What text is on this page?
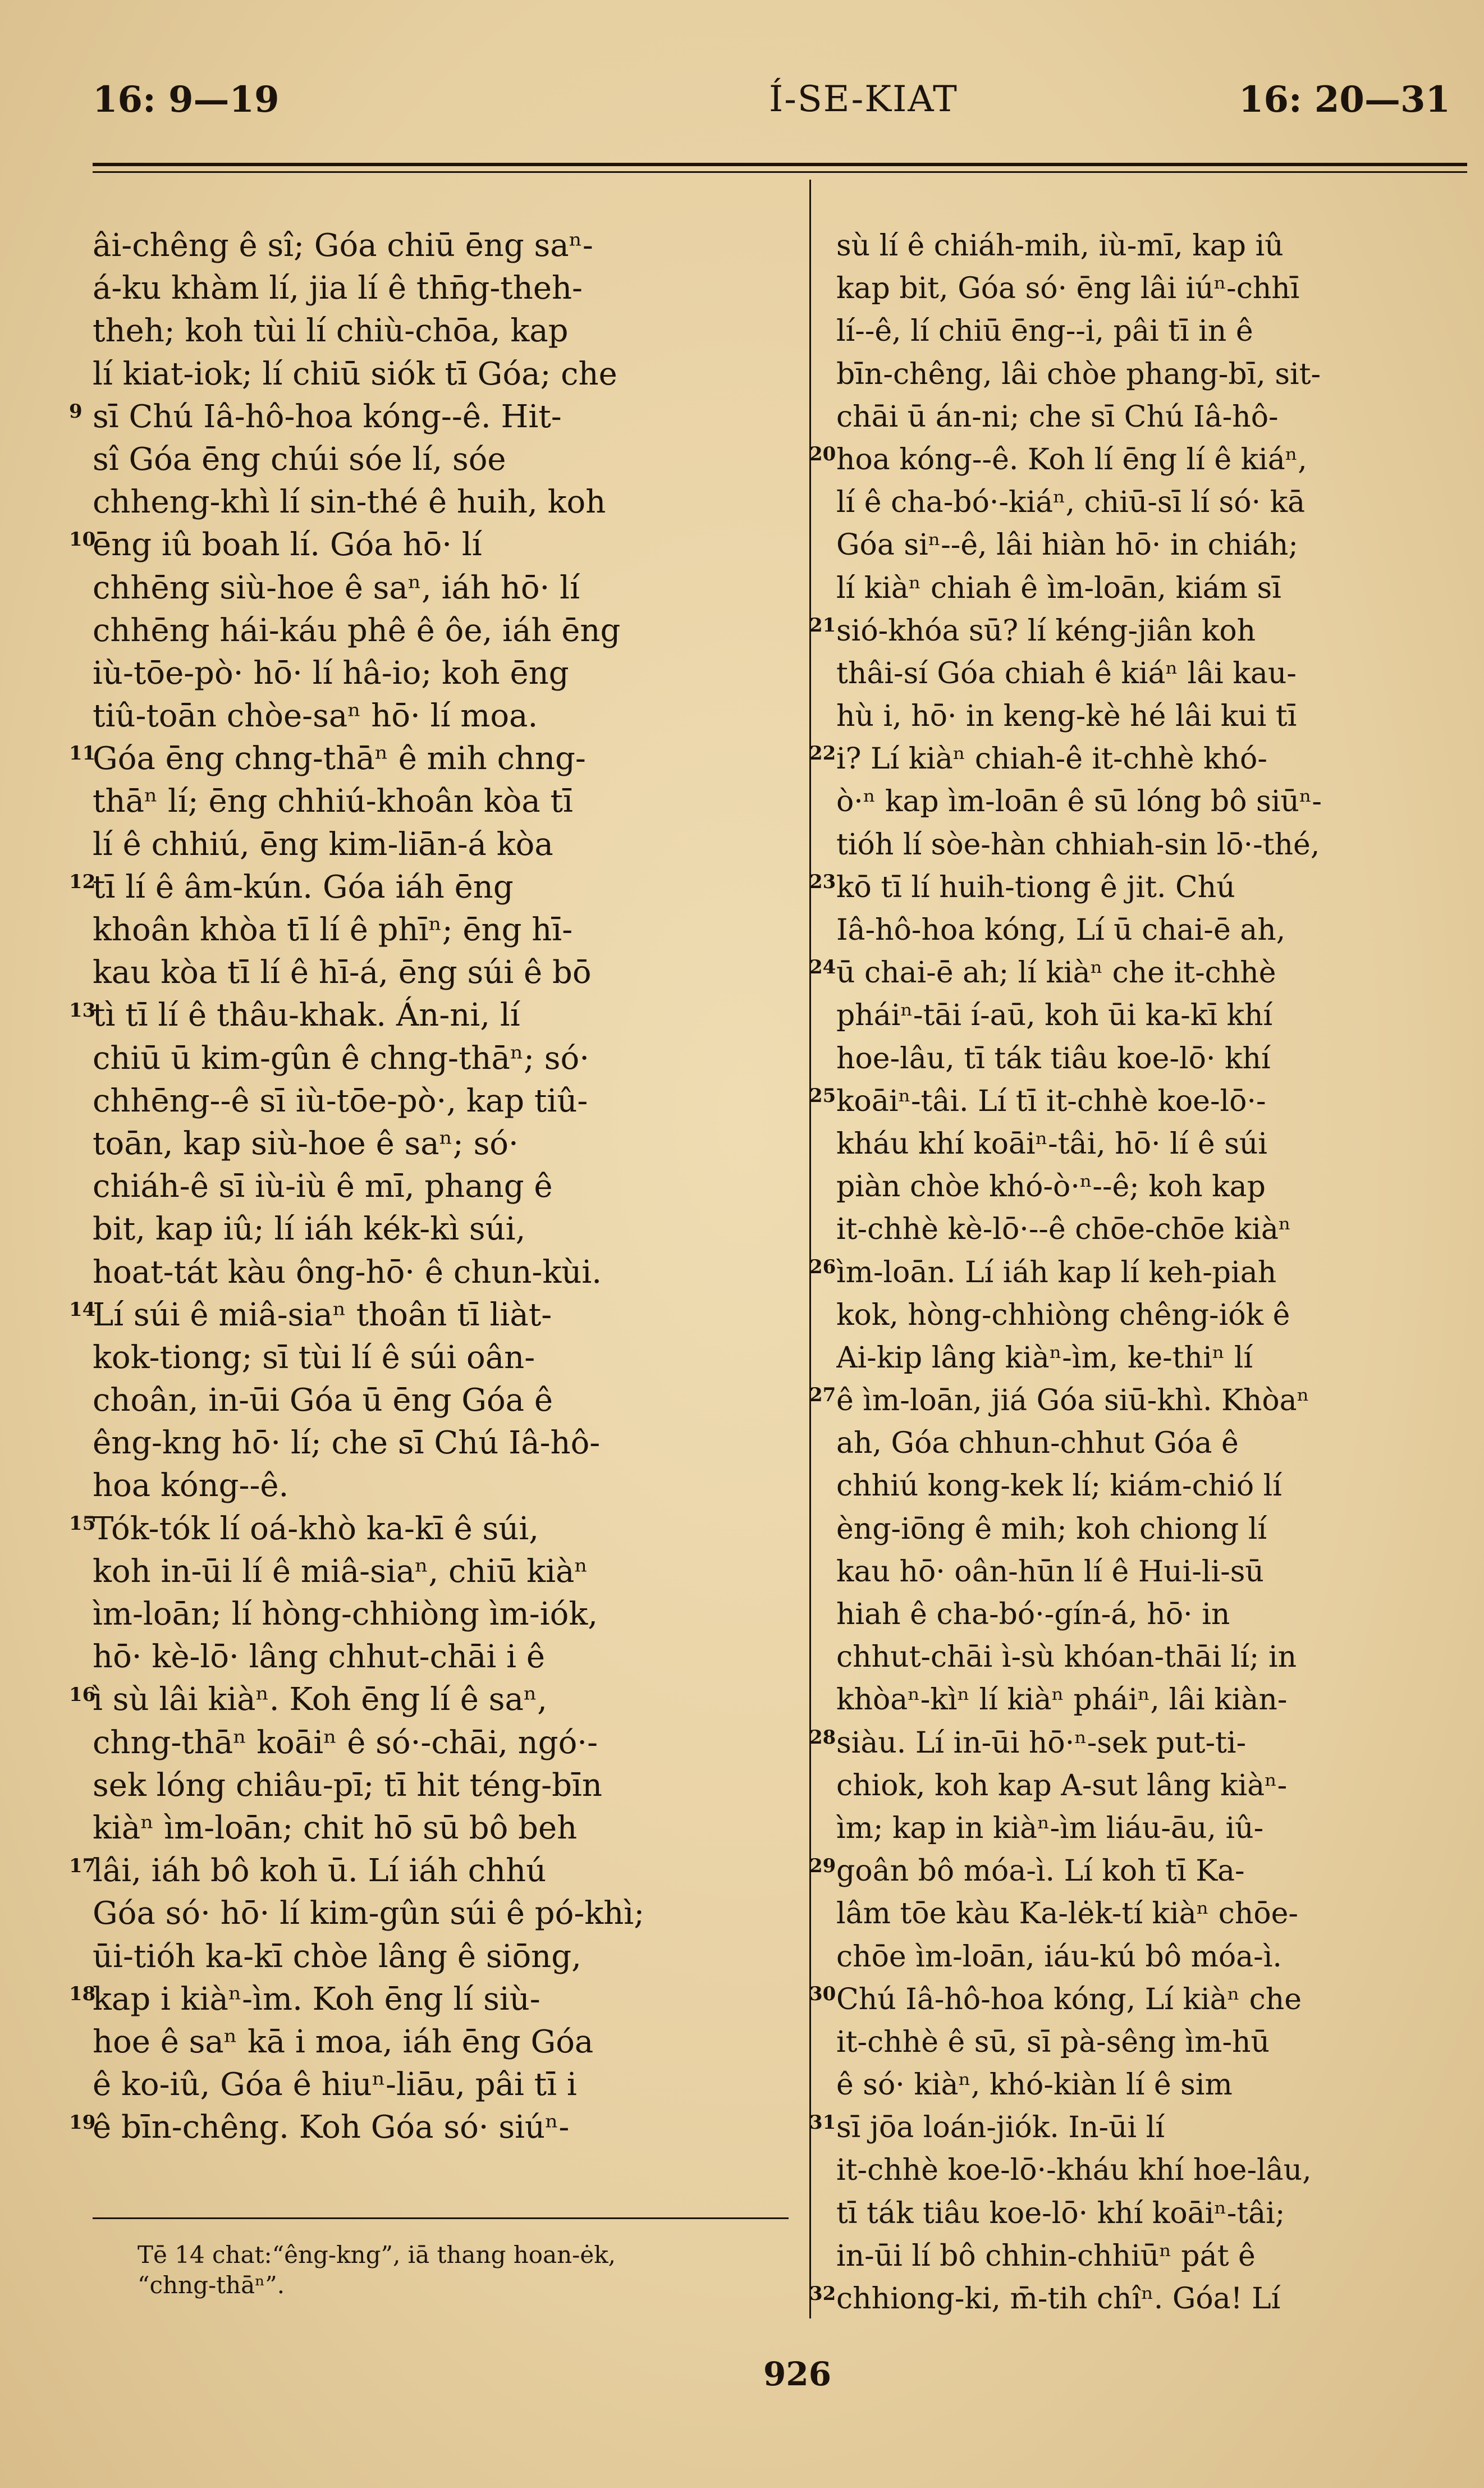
16: 9—19	Í-SE-KIAT	16: 20—31
âi-chêng ê sî; Góa chiū ēng saⁿ-
á-ku khàm lí, jia lí ê thn̄g-theh-
theh; koh tùi lí chiù-chōa, kap
lí kiat-iok; lí chiū siók tī Góa; che
sī Chú Iâ-hô-hoa kóng--ê. Hit-
sî Góa ēng chúi sóe lí, sóe
chheng-khì lí sin-thé ê huih, koh
ēng iû boah lí. Góa hō· lí
chhēng siù-hoe ê saⁿ, iáh hō· lí
chhēng hái-káu phê ê ôe, iáh ēng
iù-tōe-pò· hō· lí hâ-io; koh ēng
tiû-toān chòe-saⁿ hō· lí moa.
Góa ēng chng-thāⁿ ê mih chng-
thāⁿ lí; ēng chhiú-khoân kòa tī
lí ê chhiú, ēng kim-liān-á kòa
tī lí ê âm-kún. Góa iáh ēng
khoân khòa tī lí ê phīⁿ; ēng hī-
kau kòa tī lí ê hī-á, ēng súi ê bō
tì tī lí ê thâu-khak. Án-ni, lí
chiū ū kim-gûn ê chng-thāⁿ; só·
chhēng--ê sī iù-tōe-pò·, kap tiû-
toān, kap siù-hoe ê saⁿ; só·
chiáh-ê sī iù-iù ê mī, phang ê
bit, kap iû; lí iáh kék-kì súi,
hoat-tát kàu ông-hō· ê chun-kùi.
Lí súi ê miâ-siaⁿ thoân tī liàt-
kok-tiong; sī tùi lí ê súi oân-
choân, in-ūi Góa ū ēng Góa ê
êng-kng hō· lí; che sī Chú Iâ-hô-
hoa kóng--ê.
Tók-tók lí oá-khò ka-kī ê súi,
koh in-ūi lí ê miâ-siaⁿ, chiū kiàⁿ
ìm-loān; lí hòng-chhiòng ìm-iók,
hō· kè-lō· lâng chhut-chāi i ê
ì sù lâi kiàⁿ. Koh ēng lí ê saⁿ,
chng-thāⁿ koāiⁿ ê só·-chāi, ngó·-
sek lóng chiâu-pī; tī hit téng-bīn
kiàⁿ ìm-loān; chit hō sū bô beh
lâi, iáh bô koh ū. Lí iáh chhú
Góa só· hō· lí kim-gûn súi ê pó-khì;
ūi-tióh ka-kī chòe lâng ê siōng,
kap i kiàⁿ-ìm. Koh ēng lí siù-
hoe ê saⁿ kā i moa, iáh ēng Góa
ê ko-iû, Góa ê hiuⁿ-liāu, pâi tī i
ê bīn-chêng. Koh Góa só· siúⁿ-
9
10
11
12
13
14
15
16
17
18
19
sù lí ê chiáh-mih, iù-mī, kap iû
kap bit, Góa só· ēng lâi iúⁿ-chhī
lí--ê, lí chiū ēng--i, pâi tī in ê
bīn-chêng, lâi chòe phang-bī, sit-
chāi ū án-ni; che sī Chú Iâ-hô-
hoa kóng--ê. Koh lí ēng lí ê kiáⁿ,
lí ê cha-bó·-kiáⁿ, chiū-sī lí só· kā
Góa siⁿ--ê, lâi hiàn hō· in chiáh;
lí kiàⁿ chiah ê ìm-loān, kiám sī
sió-khóa sū? lí kéng-jiân koh
thâi-sí Góa chiah ê kiáⁿ lâi kau-
hù i, hō· in keng-kè hé lâi kui tī
i? Lí kiàⁿ chiah-ê it-chhè khó-
ò·ⁿ kap ìm-loān ê sū lóng bô siūⁿ-
tióh lí sòe-hàn chhiah-sin lō·-thé,
kō tī lí huih-tiong ê jit. Chú
Iâ-hô-hoa kóng, Lí ū chai-ē ah,
ū chai-ē ah; lí kiàⁿ che it-chhè
pháiⁿ-tāi í-aū, koh ūi ka-kī khí
hoe-lâu, tī ták tiâu koe-lō· khí
koāiⁿ-tâi. Lí tī it-chhè koe-lō·-
kháu khí koāiⁿ-tâi, hō· lí ê súi
piàn chòe khó-ò·ⁿ--ê; koh kap
it-chhè kè-lō·--ê chōe-chōe kiàⁿ
ìm-loān. Lí iáh kap lí keh-piah
kok, hòng-chhiòng chêng-iók ê
Ai-kip lâng kiàⁿ-ìm, ke-thiⁿ lí
ê ìm-loān, jiá Góa siū-khì. Khòaⁿ
ah, Góa chhun-chhut Góa ê
chhiú kong-kek lí; kiám-chió lí
èng-iōng ê mih; koh chiong lí
kau hō· oân-hūn lí ê Hui-li-sū
hiah ê cha-bó·-gín-á, hō· in
chhut-chāi ì-sù khóan-thāi lí; in
khòaⁿ-kìⁿ lí kiàⁿ pháiⁿ, lâi kiàn-
siàu. Lí in-ūi hō·ⁿ-sek put-ti-
chiok, koh kap A-sut lâng kiàⁿ-
ìm; kap in kiàⁿ-ìm liáu-āu, iû-
goân bô móa-ì. Lí koh tī Ka-
lâm tōe kàu Ka-lėk-tí kiàⁿ chōe-
chōe ìm-loān, iáu-kú bô móa-ì.
Chú Iâ-hô-hoa kóng, Lí kiàⁿ che
it-chhè ê sū, sī pà-sêng ìm-hū
ê só· kiàⁿ, khó-kiàn lí ê sim
sī jōa loán-jiók. In-ūi lí
it-chhè koe-lō·-kháu khí hoe-lâu,
tī ták tiâu koe-lō· khí koāiⁿ-tâi;
in-ūi lí bô chhin-chhiūⁿ pát ê
chhiong-ki, m̄-tih chîⁿ. Góa! Lí
20
21
22
23
24
25
26
27
28
29
30
31
32
Tē 14 chat:“êng-kng”, iā thang hoan-ėk,
“chng-thāⁿ”.
926
